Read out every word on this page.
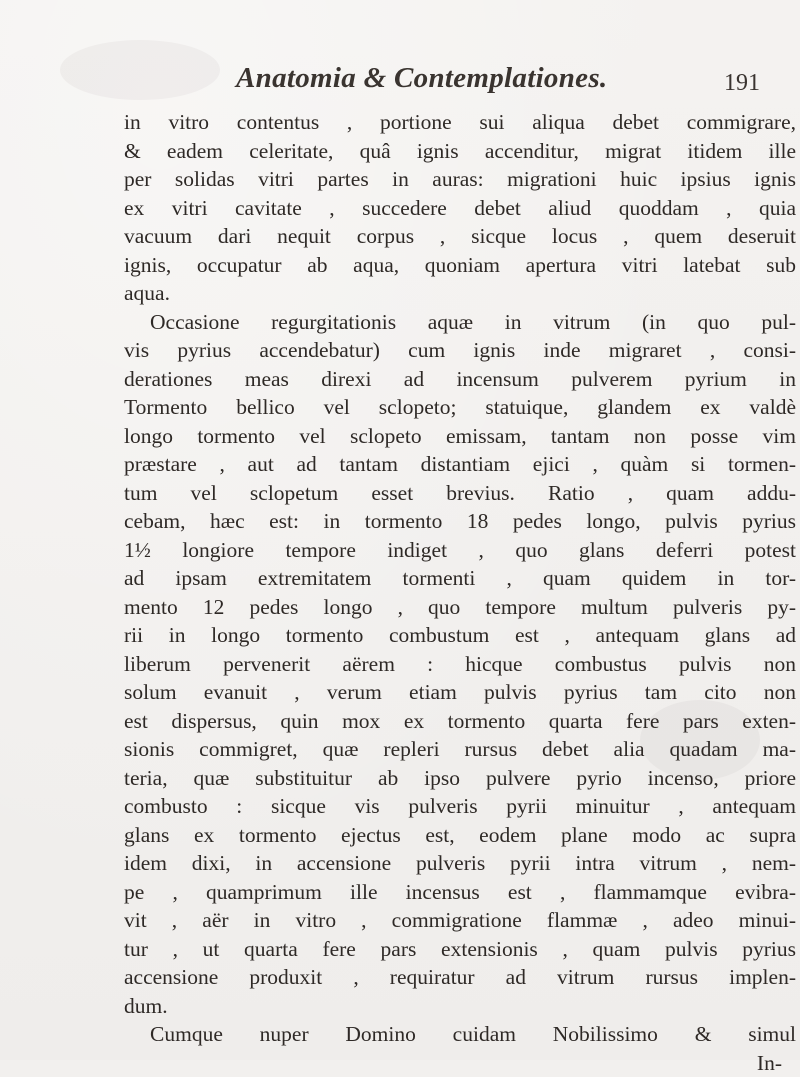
Anatomia & Contemplationes.	191
in vitro contentus , portione sui aliqua debet commigrare,
& eadem celeritate, quâ ignis accenditur, migrat itidem ille
per solidas vitri partes in auras: migrationi huic ipsius ignis
ex vitri cavitate , succedere debet aliud quoddam , quia
vacuum dari nequit corpus , sicque locus , quem deseruit
ignis, occupatur ab aqua, quoniam apertura vitri latebat sub
aqua.
Occasione regurgitationis aquæ in vitrum (in quo pul-
vis pyrius accendebatur) cum ignis inde migraret , consi-
derationes meas direxi ad incensum pulverem pyrium in
Tormento bellico vel sclopeto; statuique, glandem ex valdè
longo tormento vel sclopeto emissam, tantam non posse vim
præstare , aut ad tantam distantiam ejici , quàm si tormen-
tum vel sclopetum esset brevius. Ratio , quam addu-
cebam, hæc est: in tormento 18 pedes longo, pulvis pyrius
1½ longiore tempore indiget , quo glans deferri potest
ad ipsam extremitatem tormenti , quam quidem in tor-
mento 12 pedes longo , quo tempore multum pulveris py-
rii in longo tormento combustum est , antequam glans ad
liberum pervenerit aërem : hicque combustus pulvis non
solum evanuit , verum etiam pulvis pyrius tam cito non
est dispersus, quin mox ex tormento quarta fere pars exten-
sionis commigret, quæ repleri rursus debet alia quadam ma-
teria, quæ substituitur ab ipso pulvere pyrio incenso, priore
combusto : sicque vis pulveris pyrii minuitur , antequam
glans ex tormento ejectus est, eodem plane modo ac supra
idem dixi, in accensione pulveris pyrii intra vitrum , nem-
pe , quamprimum ille incensus est , flammamque evibra-
vit , aër in vitro , commigratione flammæ , adeo minui-
tur , ut quarta fere pars extensionis , quam pulvis pyrius
accensione produxit , requiratur ad vitrum rursus implen-
dum.
Cumque nuper Domino cuidam Nobilissimo & simul
In-
